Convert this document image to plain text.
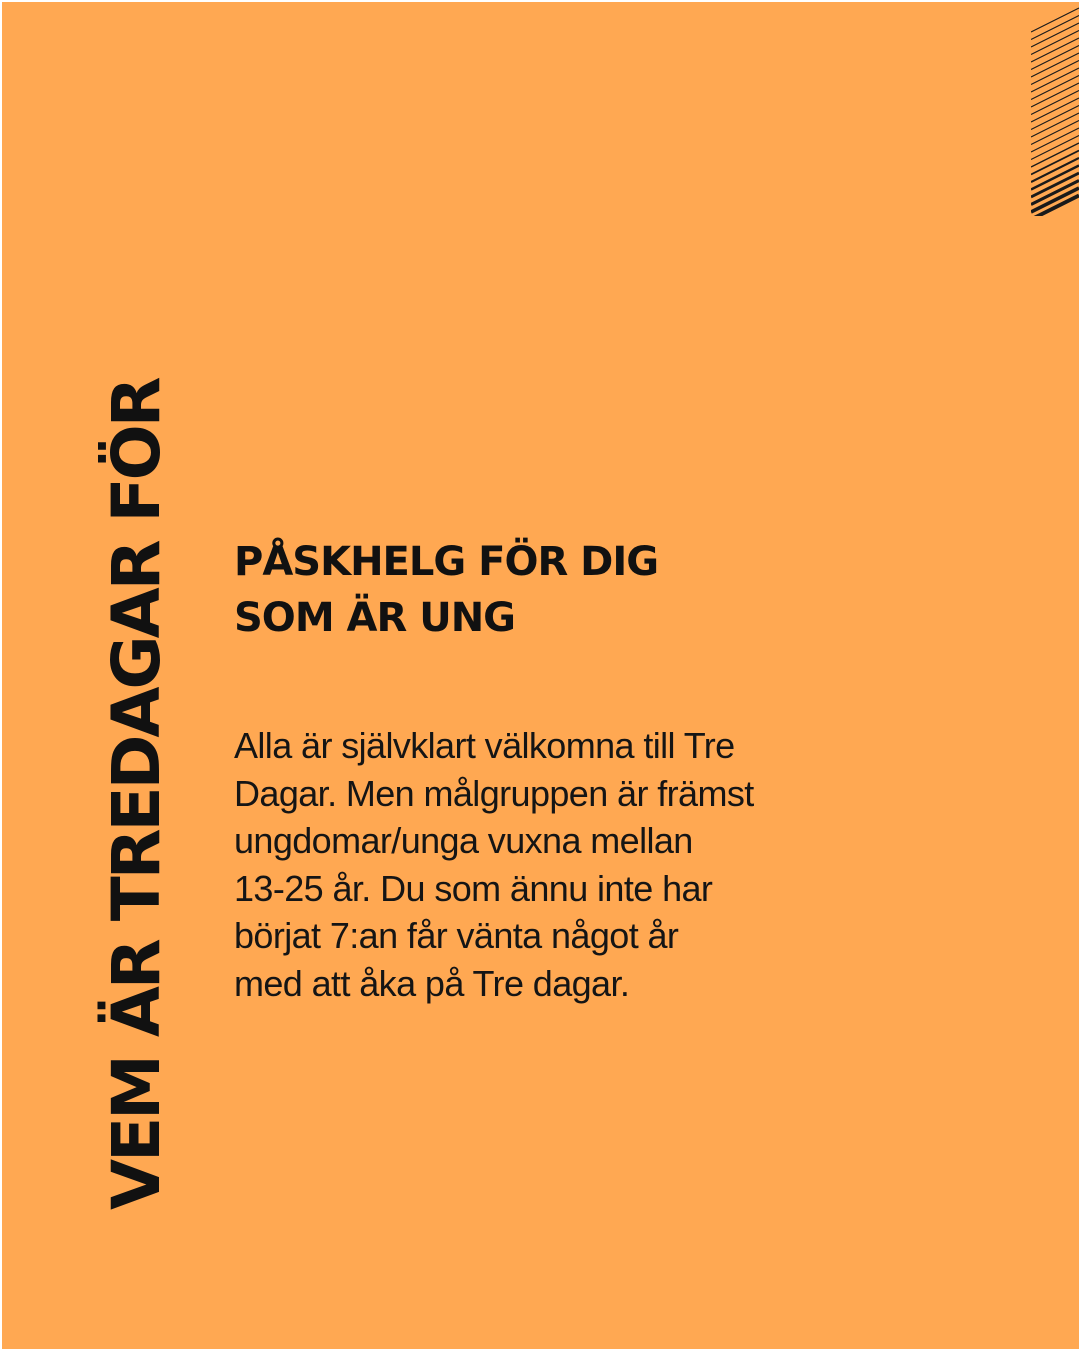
VEM ÄR TREDAGAR FÖR PÅSKHELG FÖR DIG
SOM ÄR UNG

Alla är självklart välkomna till Tre
Dagar. Men målgruppen är främst
ungdomar/unga vuxna mellan
13-25 år. Du som ännu inte har
börjat 7:an får vänta något år
med att åka på Tre dagar.
